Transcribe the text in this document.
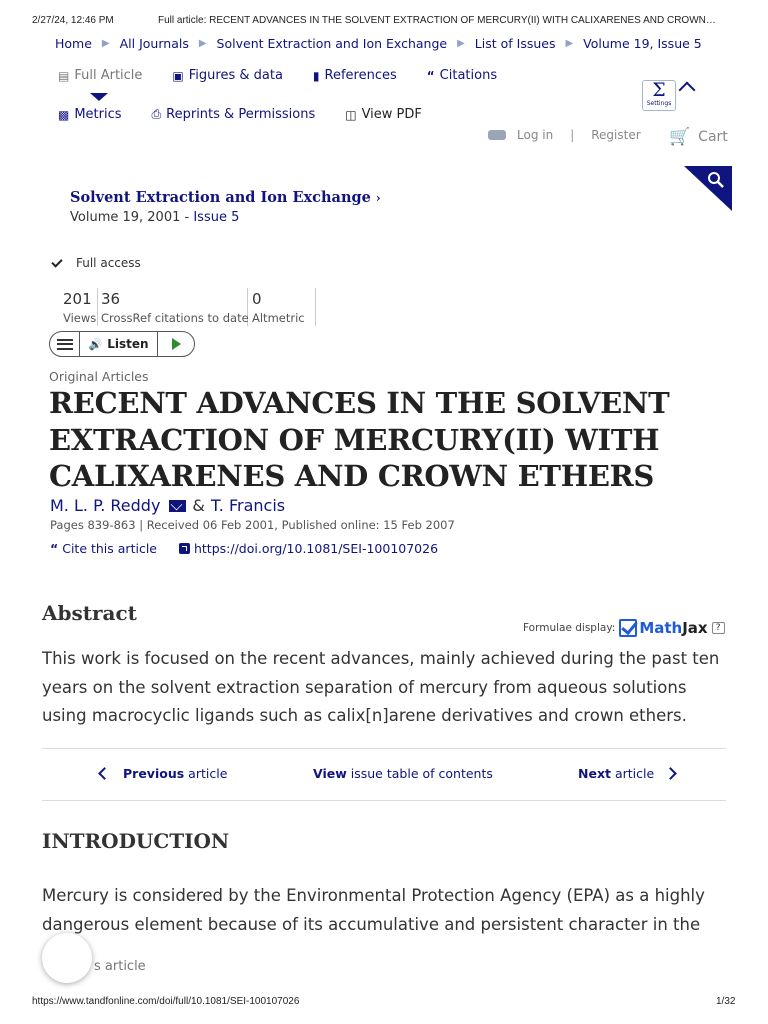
2/27/24, 12:46 PM	Full article: RECENT ADVANCES IN THE SOLVENT EXTRACTION OF MERCURY(II) WITH CALIXARENES AND CROWN…
Home ▶ All Journals ▶ Solvent Extraction and Ion Exchange ▶ List of Issues ▶ Volume 19, Issue 5
▤ Full Article	▣ Figures & data	▮ References	“ Citations
Σ
Settings
▩ Metrics	⎙ Reprints & Permissions	◫ View PDF
Log in | Register 🛒 Cart
Solvent Extraction and Ion Exchange ›
Volume 19, 2001 - Issue 5
Full access
201
Views
36
CrossRef citations to date
0
Altmetric
🔊 Listen
Original Articles
RECENT ADVANCES IN THE SOLVENT EXTRACTION OF MERCURY(II) WITH CALIXARENES AND CROWN ETHERS
M. L. P. Reddy & T. Francis
Pages 839-863 | Received 06 Feb 2001, Published online: 15 Feb 2007
“ Cite this article	https://doi.org/10.1081/SEI-100107026
Abstract
Formulae display: Math Jax ?

This work is focused on the recent advances, mainly achieved during the past ten years on the solvent extraction separation of mercury from aqueous solutions using macrocyclic ligands such as calix[n]arene derivatives and crown ethers.

Previous article	View issue table of contents	Next article
INTRODUCTION

Mercury is considered by the Environmental Protection Agency (EPA) as a highly dangerous element because of its accumulative and persistent character in the

s article
https://www.tandfonline.com/doi/full/10.1081/SEI-100107026	1/32
